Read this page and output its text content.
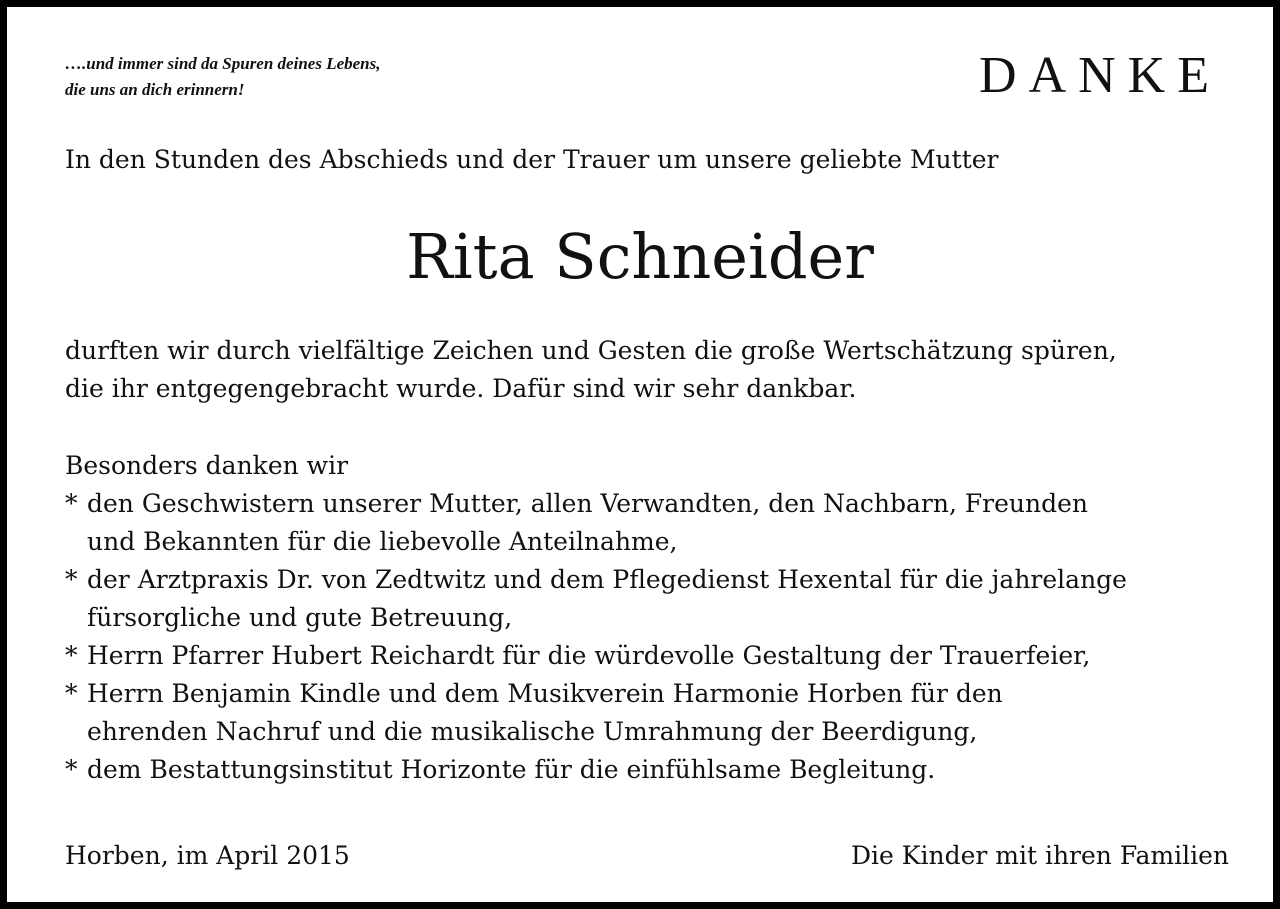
….und immer sind da Spuren deines Lebens,
die uns an dich erinnern!	DANKE

In den Stunden des Abschieds und der Trauer um unsere geliebte Mutter

Rita Schneider
durften wir durch vielfältige Zeichen und Gesten die große Wertschätzung spüren,
die ihr entgegengebracht wurde. Dafür sind wir sehr dankbar.
Besonders danken wir
* den Geschwistern unserer Mutter, allen Verwandten, den Nachbarn, Freunden
und Bekannten für die liebevolle Anteilnahme,
* der Arztpraxis Dr. von Zedtwitz und dem Pflegedienst Hexental für die jahrelange
fürsorgliche und gute Betreuung,
* Herrn Pfarrer Hubert Reichardt für die würdevolle Gestaltung der Trauerfeier,
* Herrn Benjamin Kindle und dem Musikverein Harmonie Horben für den
ehrenden Nachruf und die musikalische Umrahmung der Beerdigung,
* dem Bestattungsinstitut Horizonte für die einfühlsame Begleitung.
Horben, im April 2015	Die Kinder mit ihren Familien
